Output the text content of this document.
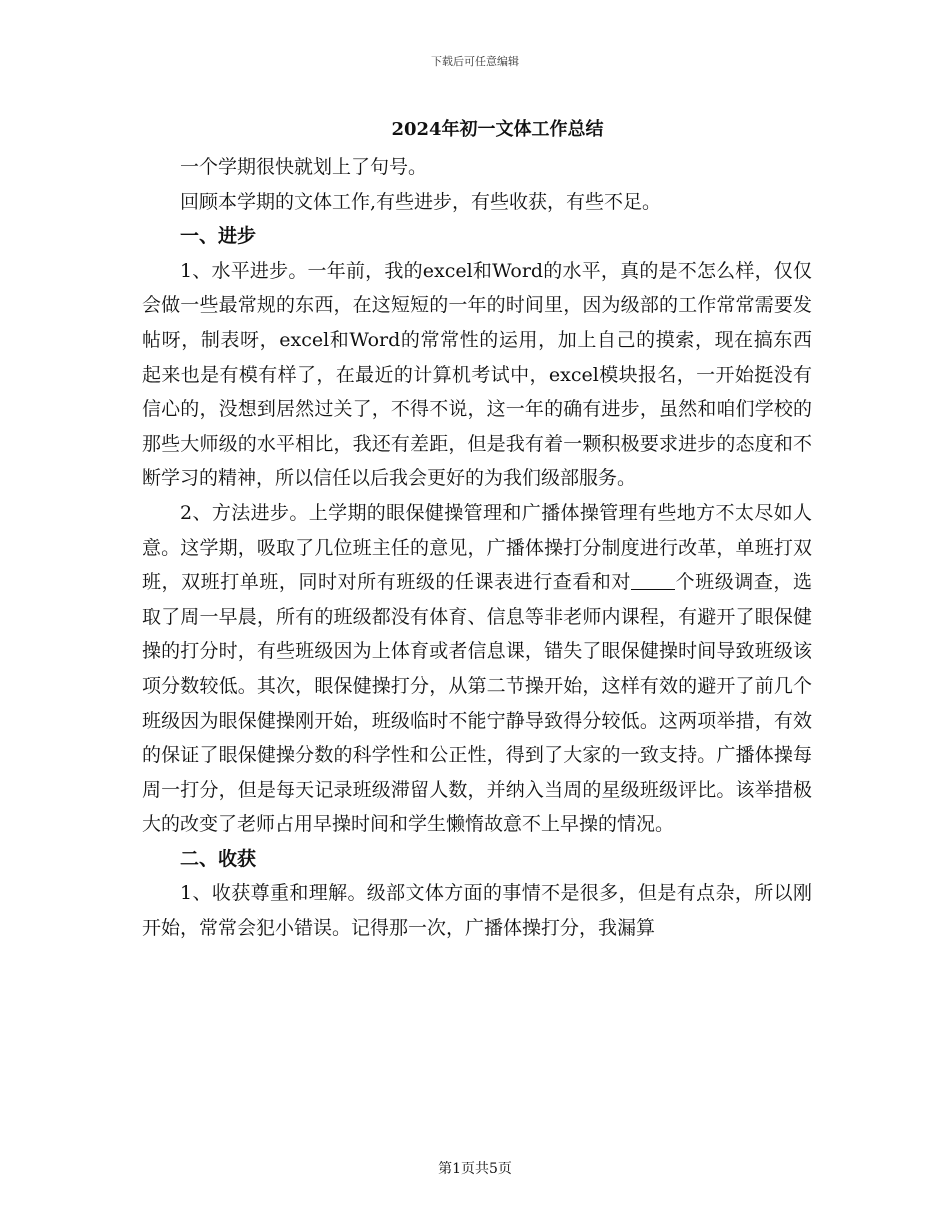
下载后可任意编辑
2024年初一文体工作总结

一个学期很快就划上了句号。

回顾本学期的文体工作,有些进步，有些收获，有些不足。

一、进步

1、水平进步。一年前，我的excel和Word的水平，真的是不怎么样，仅仅会做一些最常规的东西，在这短短的一年的时间里，因为级部的工作常常需要发帖呀，制表呀，excel和Word的常常性的运用，加上自己的摸索，现在搞东西起来也是有模有样了，在最近的计算机考试中，excel模块报名，一开始挺没有信心的，没想到居然过关了，不得不说，这一年的确有进步，虽然和咱们学校的那些大师级的水平相比，我还有差距，但是我有着一颗积极要求进步的态度和不断学习的精神，所以信任以后我会更好的为我们级部服务。

2、方法进步。上学期的眼保健操管理和广播体操管理有些地方不太尽如人意。这学期，吸取了几位班主任的意见，广播体操打分制度进行改革，单班打双班，双班打单班，同时对所有班级的任课表进行查看和对 个班级调查，选取了周一早晨，所有的班级都没有体育、信息等非老师内课程，有避开了眼保健操的打分时，有些班级因为上体育或者信息课，错失了眼保健操时间导致班级该项分数较低。其次，眼保健操打分，从第二节操开始，这样有效的避开了前几个班级因为眼保健操刚开始，班级临时不能宁静导致得分较低。这两项举措，有效的保证了眼保健操分数的科学性和公正性，得到了大家的一致支持。广播体操每周一打分，但是每天记录班级滞留人数，并纳入当周的星级班级评比。该举措极大的改变了老师占用早操时间和学生懒惰故意不上早操的情况。

二、收获

1、收获尊重和理解。级部文体方面的事情不是很多，但是有点杂，所以刚开始，常常会犯小错误。记得那一次，广播体操打分，我漏算

第1页共5页
